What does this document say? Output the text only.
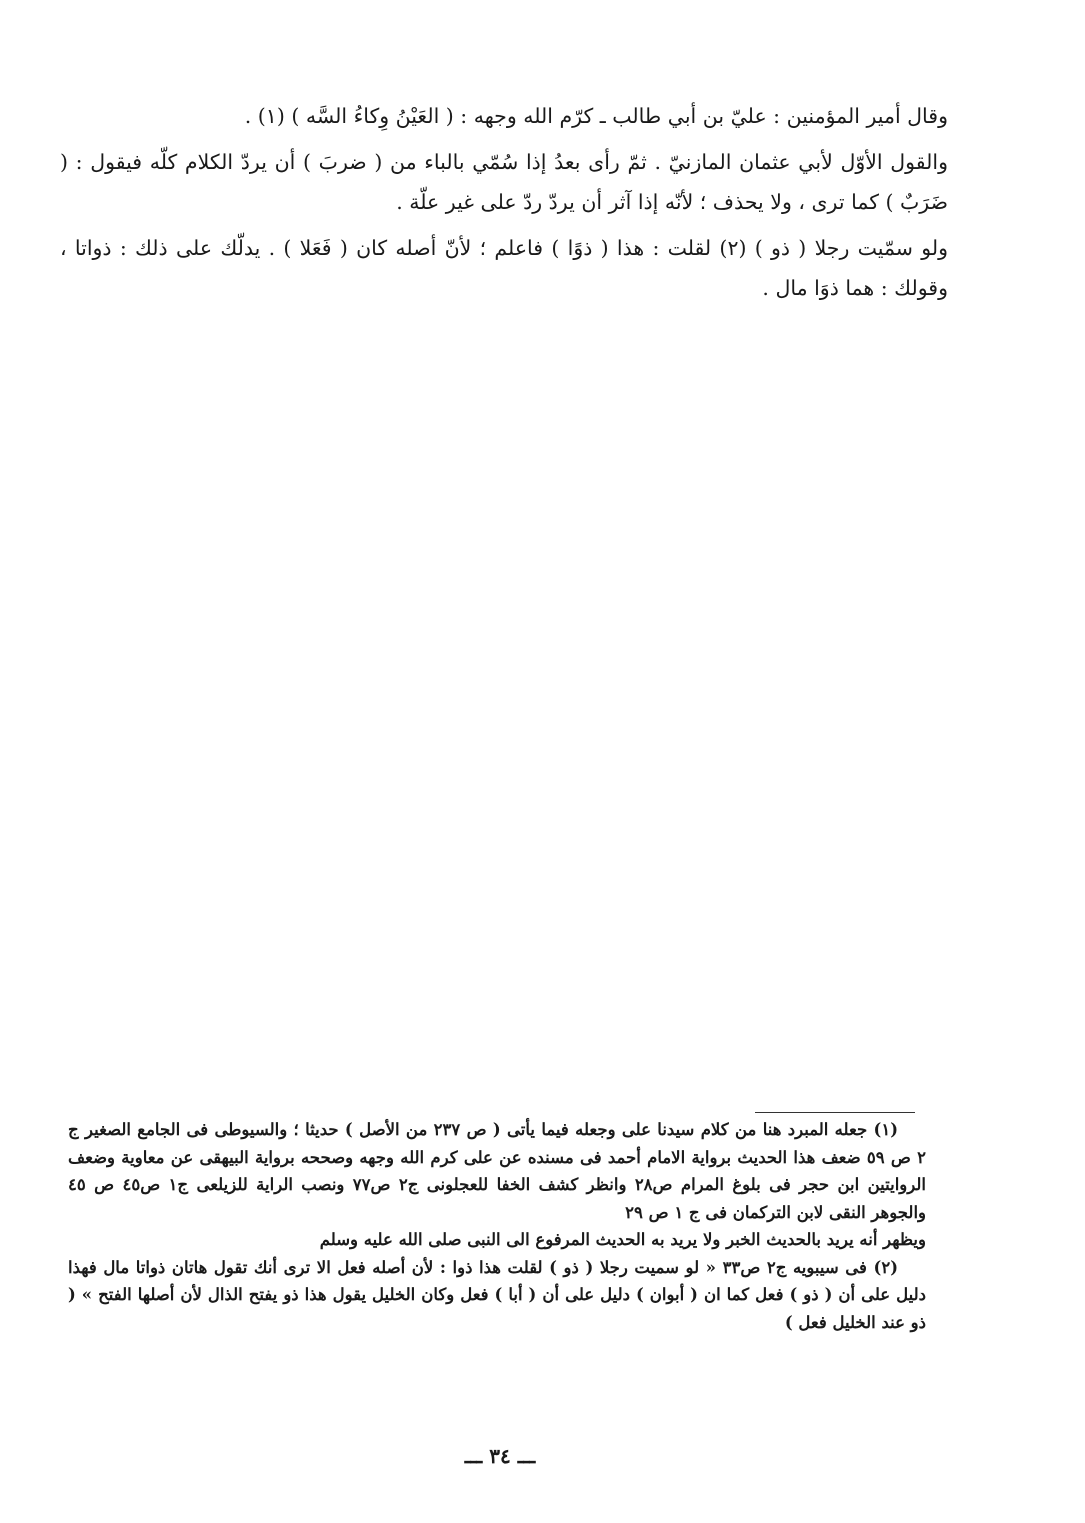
وقال أمير المؤمنين : عليّ بن أبي طالب ـ كرّم الله وجهه : ( العَيْنُ وِكاءُ السَّه ) (١) .

والقول الأوّل لأبي عثمان المازنيّ . ثمّ رأى بعدُ إذا سُمّي بالباء من ( ضربَ ) أن يردّ الكلام كلّه فيقول : ( ضَرَبٌ ) كما ترى ، ولا يحذف ؛ لأنّه إذا آثر أن يردّ ردّ على غير علّة .

ولو سمّيت رجلا ( ذو ) (٢) لقلت : هذا ( ذوًا ) فاعلم ؛ لأنّ أصله كان ( فَعَلا ) . يدلّك على ذلك : ذواتا ، وقولك : هما ذوَا مال .

(١) جعله المبرد هنا من كلام سيدنا على وجعله فيما يأتى ( ص ٢٣٧ من الأصل ) حديثا ؛ والسيوطى فى الجامع الصغير ج ٢ ص ٥٩ ضعف هذا الحديث برواية الامام أحمد فى مسنده عن على كرم الله وجهه وصححه برواية البيهقى عن معاوية وضعف الروايتين ابن حجر فى بلوغ المرام ص٢٨ وانظر كشف الخفا للعجلونى ج٢ ص٧٧ ونصب الراية للزيلعى ج١ ص٤٥ ص ٤٥ والجوهر النقى لابن التركمان فى ج ١ ص ٢٩

ويظهر أنه يريد بالحديث الخبر ولا يريد به الحديث المرفوع الى النبى صلى الله عليه وسلم

(٢) فى سيبويه ج٢ ص٣٣ « لو سميت رجلا ( ذو ) لقلت هذا ذوا : لأن أصله فعل الا ترى أنك تقول هاتان ذواتا مال فهذا دليل على أن ( ذو ) فعل كما ان ( أبوان ) دليل على أن ( أبا ) فعل وكان الخليل يقول هذا ذو يفتح الذال لأن أصلها الفتح » ( ذو عند الخليل فعل )

ـــ ٣٤ ـــ
